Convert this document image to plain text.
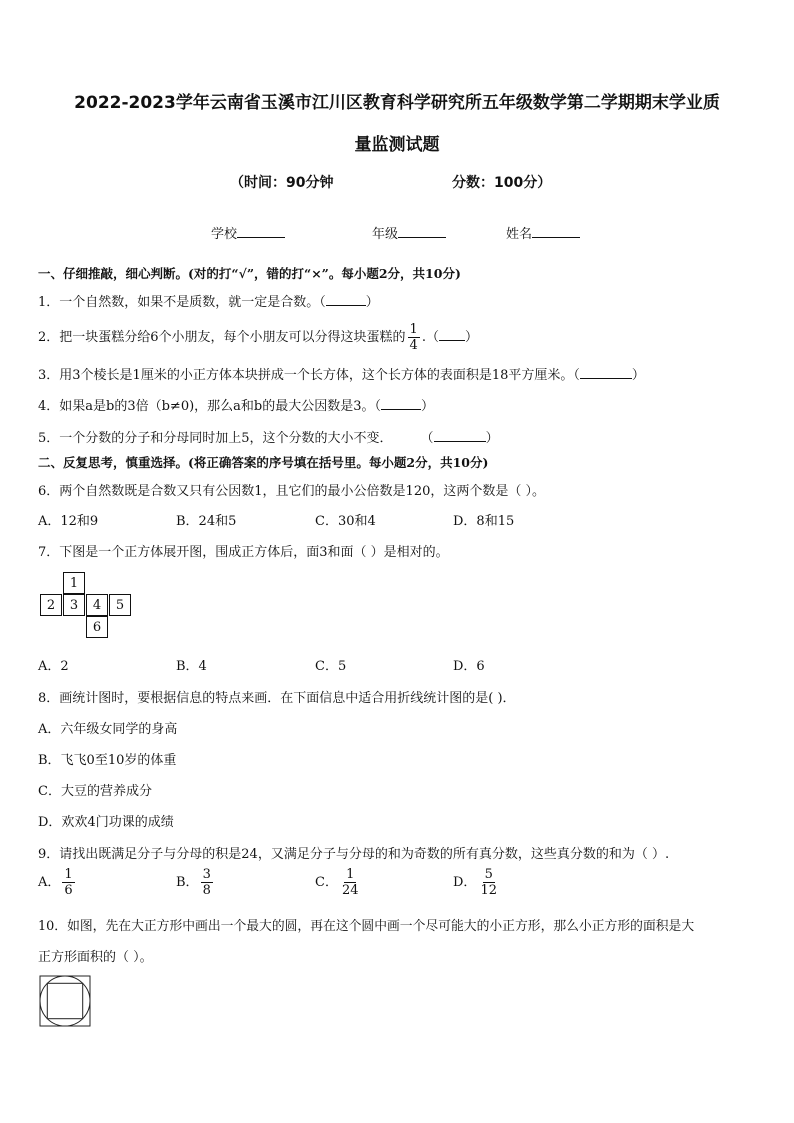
2022-2023学年云南省玉溪市江川区教育科学研究所五年级数学第二学期期末学业质
量监测试题
（时间：90分钟	分数：100分）
学校	年级	姓名
一、仔细推敲，细心判断。(对的打“√”，错的打“×”。每小题2分，共10分)
1．一个自然数，如果不是质数，就一定是合数。（	）
2．把一块蛋糕分给6个小朋友，每个小朋友可以分得这块蛋糕的 $\frac{1}{4}$ .（ ）
3．用3个棱长是1厘米的小正方体本块拼成一个长方体，这个长方体的表面积是18平方厘米。（	）
4．如果a是b的3倍（b≠0)，那么a和b的最大公因数是3。（	）
5．一个分数的分子和分母同时加上5，这个分数的大小不变． （	）
二、反复思考，慎重选择。(将正确答案的序号填在括号里。每小题2分，共10分)
6．两个自然数既是合数又只有公因数1，且它们的最小公倍数是120，这两个数是（ ）。
A．12和9	B．24和5	C．30和4	D．8和15
7．下图是一个正方体展开图，围成正方体后，面3和面（ ）是相对的。
1
2	3	4	5
6
A．2	B．4	C．5	D．6
8．画统计图时，要根据信息的特点来画．在下面信息中适合用折线统计图的是( )．
A．六年级女同学的身高
B．飞飞0至10岁的体重
C．大豆的营养成分
D．欢欢4门功课的成绩
9．请找出既满足分子与分母的积是24，又满足分子与分母的和为奇数的所有真分数，这些真分数的和为（ ）.
A． $\frac{1}{6}$	B． $\frac{3}{8}$	C． $\frac{1}{24}$	D． $\frac{5}{12}$
10．如图，先在大正方形中画出一个最大的圆，再在这个圆中画一个尽可能大的小正方形，那么小正方形的面积是大
正方形面积的（ ）。
